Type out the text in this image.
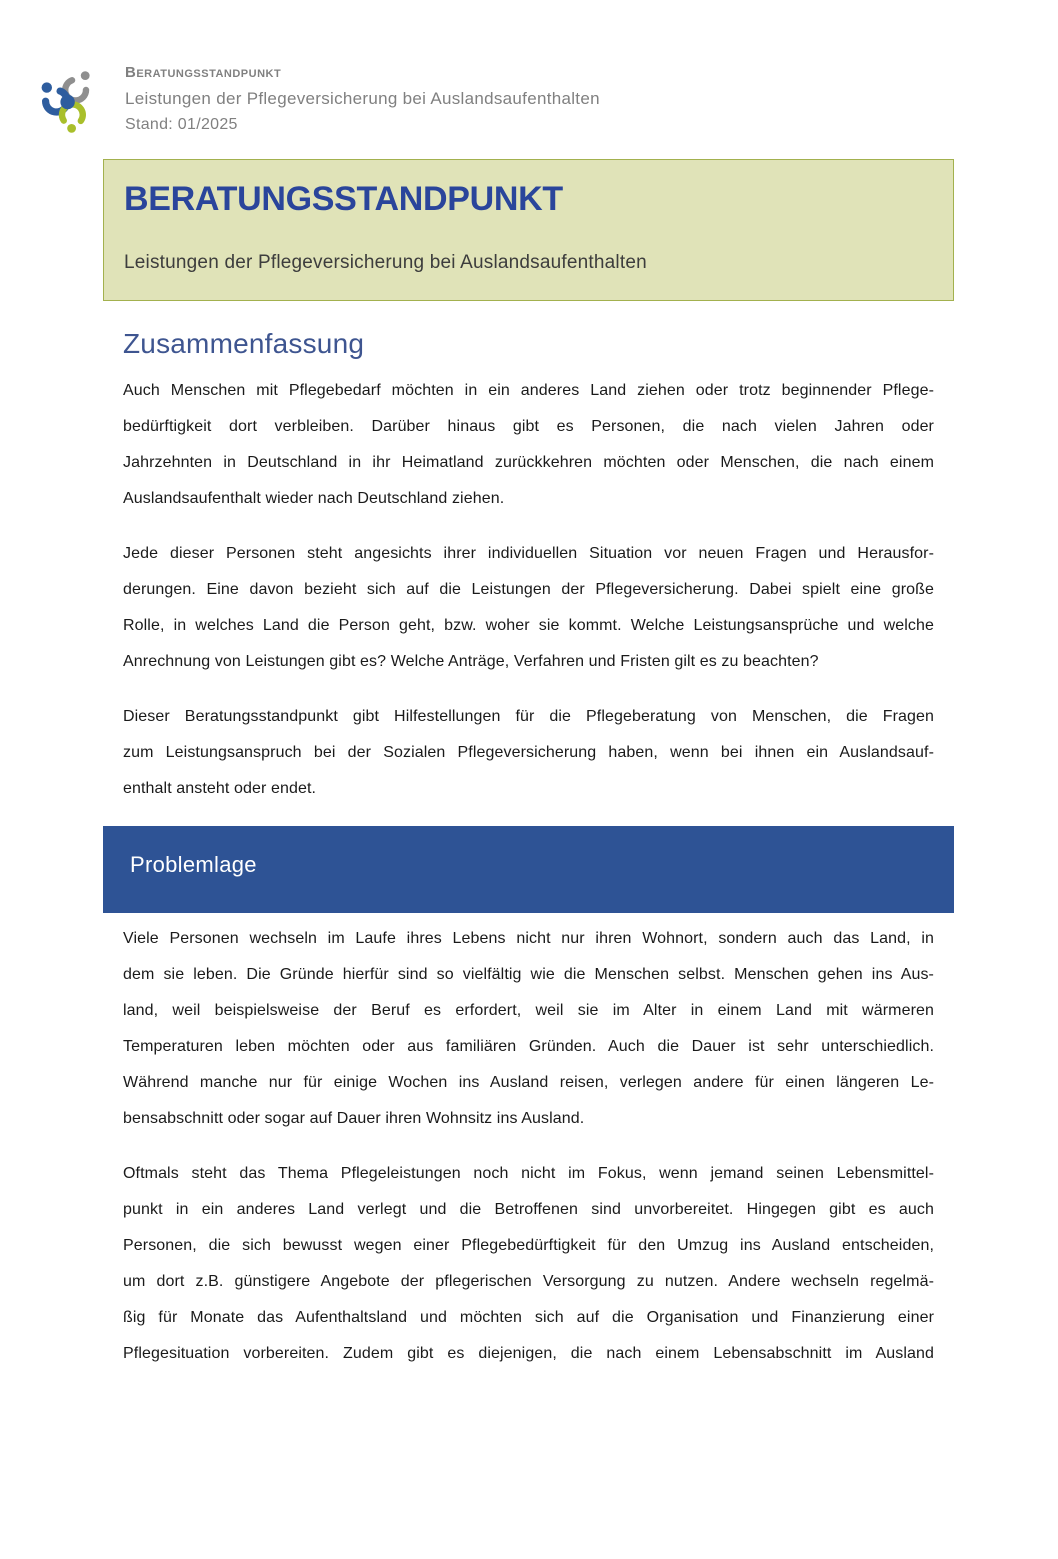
Beratungsstandpunkt
Leistungen der Pflegeversicherung bei Auslandsaufenthalten
Stand: 01/2025
BERATUNGSSTANDPUNKT
Leistungen der Pflegeversicherung bei Auslandsaufenthalten
Zusammenfassung
Auch Menschen mit Pflegebedarf möchten in ein anderes Land ziehen oder trotz beginnender Pflege-
bedürftigkeit dort verbleiben. Darüber hinaus gibt es Personen, die nach vielen Jahren oder
Jahrzehnten in Deutschland in ihr Heimatland zurückkehren möchten oder Menschen, die nach einem
Auslandsaufenthalt wieder nach Deutschland ziehen.
Jede dieser Personen steht angesichts ihrer individuellen Situation vor neuen Fragen und Herausfor-
derungen. Eine davon bezieht sich auf die Leistungen der Pflegeversicherung. Dabei spielt eine große
Rolle, in welches Land die Person geht, bzw. woher sie kommt. Welche Leistungsansprüche und welche
Anrechnung von Leistungen gibt es? Welche Anträge, Verfahren und Fristen gilt es zu beachten?
Dieser Beratungsstandpunkt gibt Hilfestellungen für die Pflegeberatung von Menschen, die Fragen
zum Leistungsanspruch bei der Sozialen Pflegeversicherung haben, wenn bei ihnen ein Auslandsauf-
enthalt ansteht oder endet.
Problemlage
Viele Personen wechseln im Laufe ihres Lebens nicht nur ihren Wohnort, sondern auch das Land, in
dem sie leben. Die Gründe hierfür sind so vielfältig wie die Menschen selbst. Menschen gehen ins Aus-
land, weil beispielsweise der Beruf es erfordert, weil sie im Alter in einem Land mit wärmeren
Temperaturen leben möchten oder aus familiären Gründen. Auch die Dauer ist sehr unterschiedlich.
Während manche nur für einige Wochen ins Ausland reisen, verlegen andere für einen längeren Le-
bensabschnitt oder sogar auf Dauer ihren Wohnsitz ins Ausland.
Oftmals steht das Thema Pflegeleistungen noch nicht im Fokus, wenn jemand seinen Lebensmittel-
punkt in ein anderes Land verlegt und die Betroffenen sind unvorbereitet. Hingegen gibt es auch
Personen, die sich bewusst wegen einer Pflegebedürftigkeit für den Umzug ins Ausland entscheiden,
um dort z.B. günstigere Angebote der pflegerischen Versorgung zu nutzen. Andere wechseln regelmä-
ßig für Monate das Aufenthaltsland und möchten sich auf die Organisation und Finanzierung einer
Pflegesituation vorbereiten. Zudem gibt es diejenigen, die nach einem Lebensabschnitt im Ausland
